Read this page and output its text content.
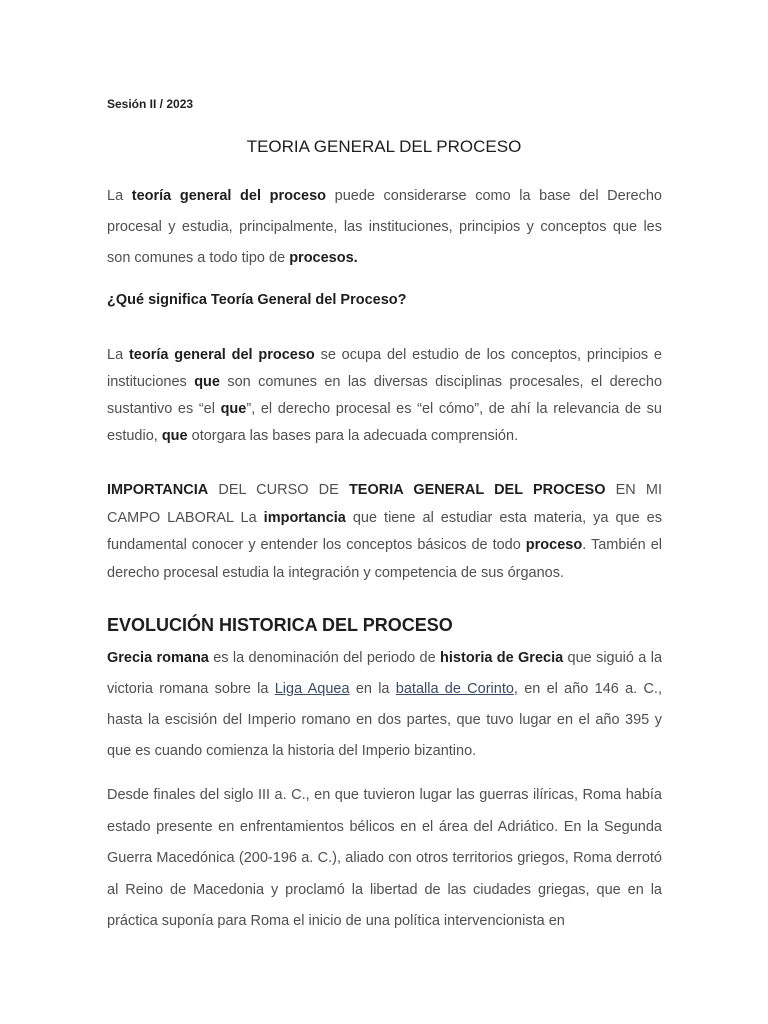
Sesión II / 2023
TEORIA GENERAL DEL PROCESO

La teoría general del proceso puede considerarse como la base del Derecho procesal y estudia, principalmente, las instituciones, principios y conceptos que les son comunes a todo tipo de procesos.

¿Qué significa Teoría General del Proceso?

La teoría general del proceso se ocupa del estudio de los conceptos, principios e instituciones que son comunes en las diversas disciplinas procesales, el derecho sustantivo es “el que”, el derecho procesal es “el cómo”, de ahí la relevancia de su estudio, que otorgara las bases para la adecuada comprensión.

IMPORTANCIA DEL CURSO DE TEORIA GENERAL DEL PROCESO EN MI CAMPO LABORAL La importancia que tiene al estudiar esta materia, ya que es fundamental conocer y entender los conceptos básicos de todo proceso. También el derecho procesal estudia la integración y competencia de sus órganos.

EVOLUCIÓN HISTORICA DEL PROCESO

Grecia romana es la denominación del periodo de historia de Grecia que siguió a la victoria romana sobre la Liga Aquea en la batalla de Corinto, en el año 146 a. C., hasta la escisión del Imperio romano en dos partes, que tuvo lugar en el año 395 y que es cuando comienza la historia del Imperio bizantino.

Desde finales del siglo III a. C., en que tuvieron lugar las guerras ilíricas, Roma había estado presente en enfrentamientos bélicos en el área del Adriático. En la Segunda Guerra Macedónica (200-196 a. C.), aliado con otros territorios griegos, Roma derrotó al Reino de Macedonia y proclamó la libertad de las ciudades griegas, que en la práctica suponía para Roma el inicio de una política intervencionista en
